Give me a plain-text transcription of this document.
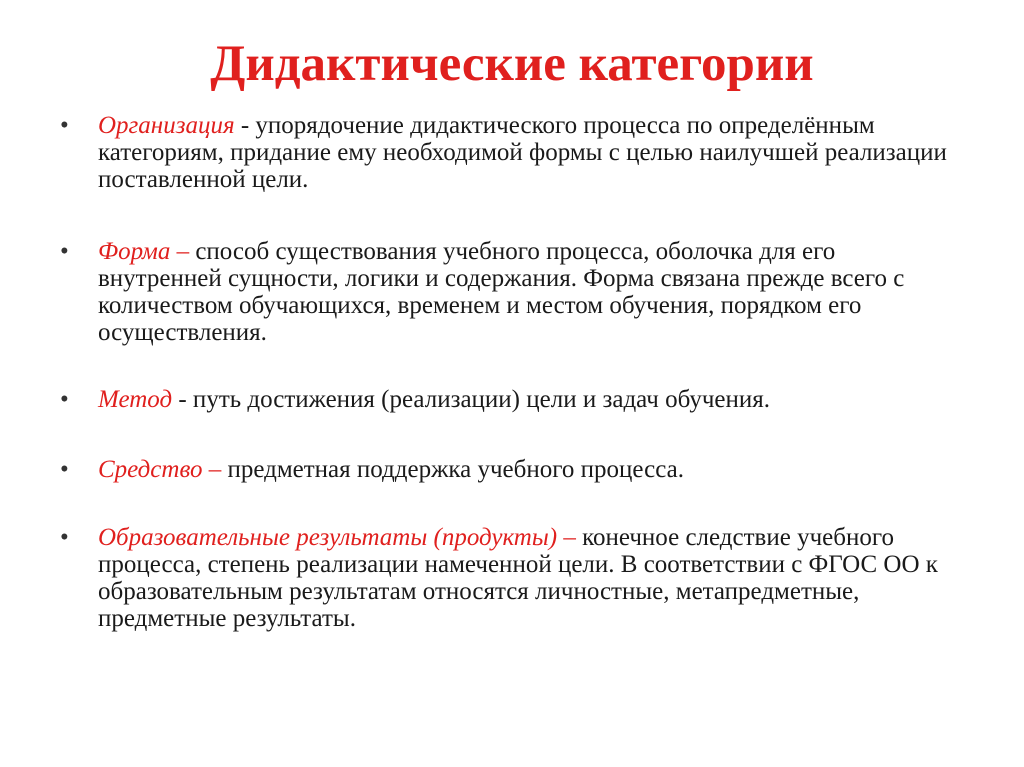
Дидактические категории
•	Организация - упорядочение дидактического процесса по определённым категориям, придание ему необходимой формы с целью наилучшей реализации поставленной цели.
•	Форма – способ существования учебного процесса, оболочка для его внутренней сущности, логики и содержания. Форма связана прежде всего с количеством обучающихся, временем и местом обучения, порядком его осуществления.
•	Метод - путь достижения (реализации) цели и задач обучения.
•	Средство – предметная поддержка учебного процесса.
•	Образовательные результаты (продукты) – конечное следствие учебного процесса, степень реализации намеченной цели. В соответствии с ФГОС ОО к образовательным результатам относятся личностные, метапредметные, предметные результаты.
